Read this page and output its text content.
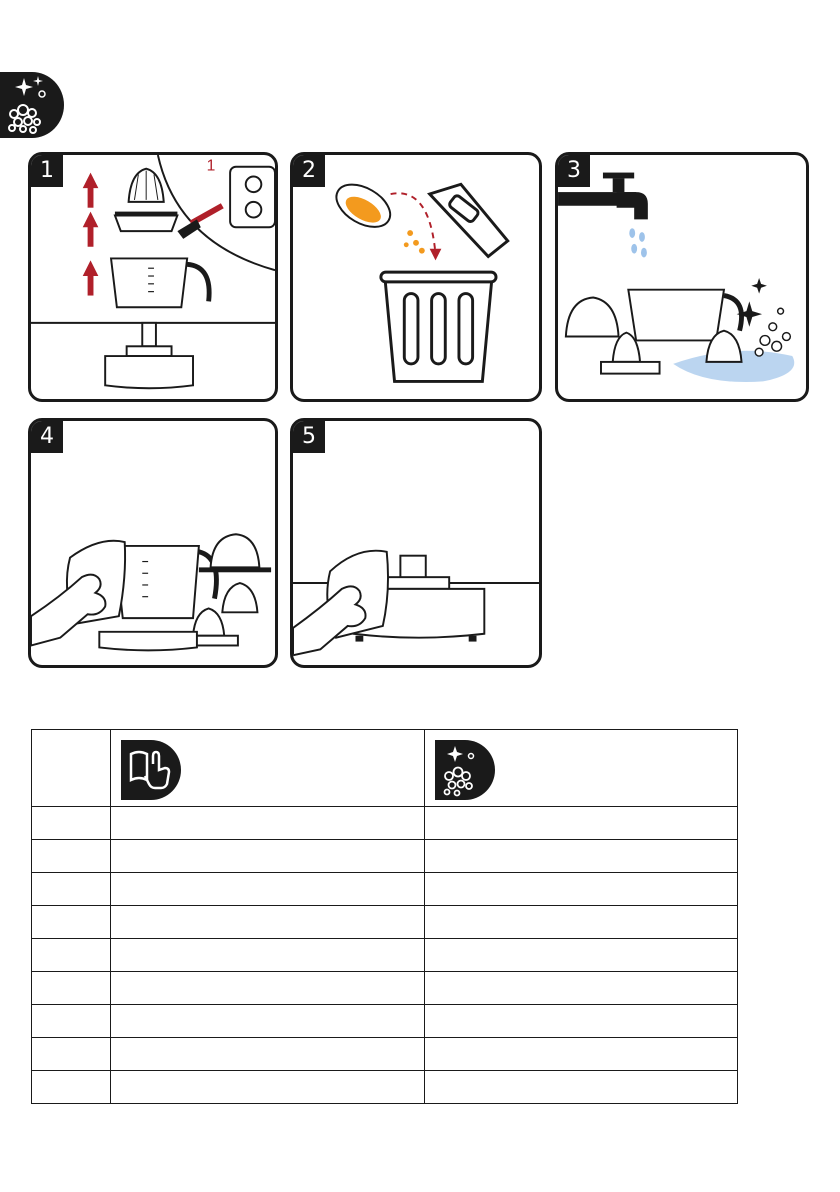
1	1	2	3
4	5
